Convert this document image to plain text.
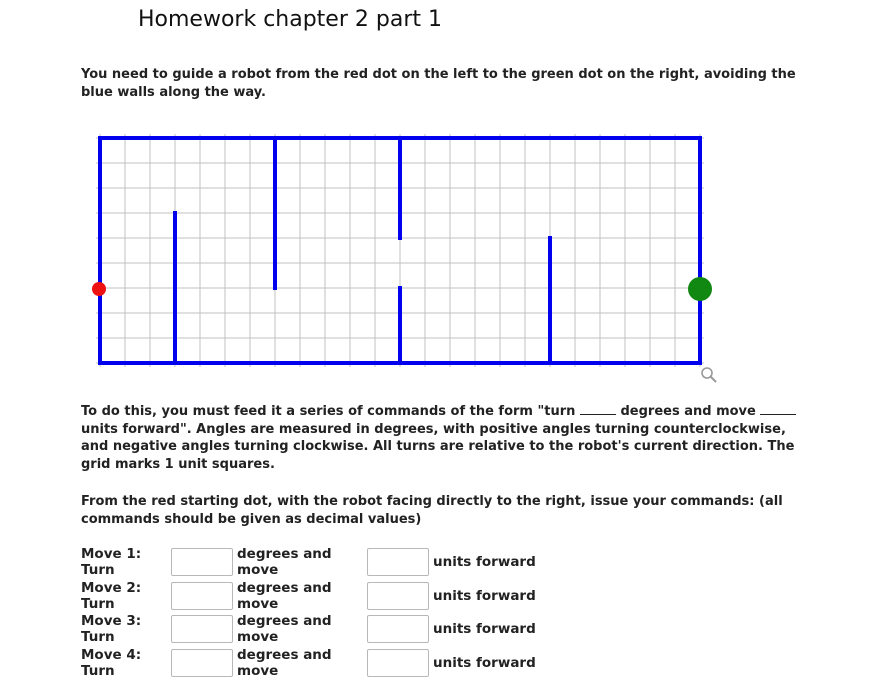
Homework chapter 2 part 1
You need to guide a robot from the red dot on the left to the green dot on the right, avoiding the blue walls along the way.
To do this, you must feed it a series of commands of the form "turn	degrees and move  units forward". Angles are measured in degrees, with positive angles turning counterclockwise, and negative angles turning clockwise. All turns are relative to the robot's current direction. The grid marks 1 unit squares.
From the red starting dot, with the robot facing directly to the right, issue your commands: (all commands should be given as decimal values)
Move 1: Turn
degrees and move	units forward
Move 2: Turn
degrees and move	units forward
Move 3: Turn
degrees and move	units forward
Move 4: Turn
degrees and move	units forward
